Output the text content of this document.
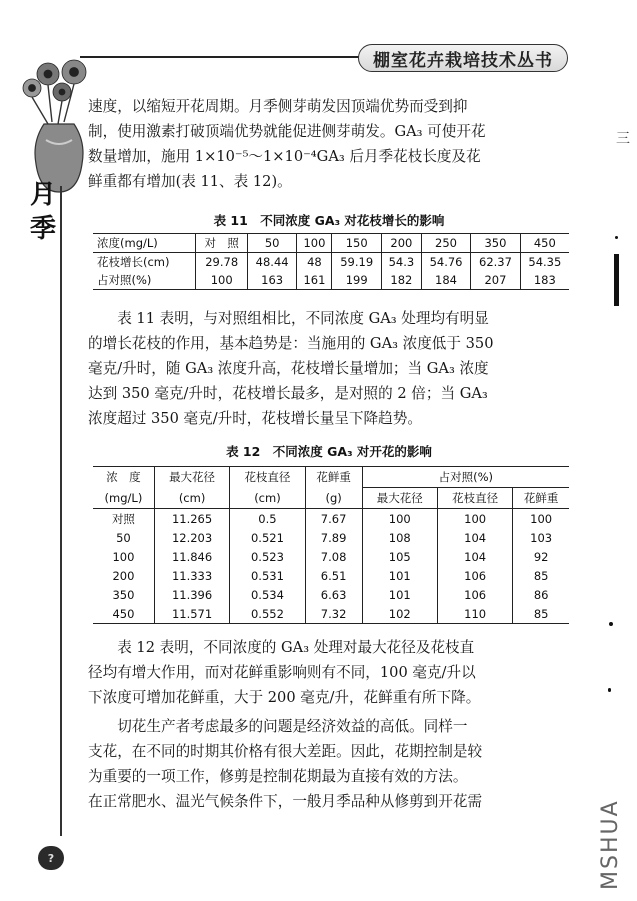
棚室花卉栽培技术丛书
月季

速度，以缩短开花周期。月季侧芽萌发因顶端优势而受到抑

制，使用激素打破顶端优势就能促进侧芽萌发。GA₃ 可使开花

数量增加，施用 1×10⁻⁵～1×10⁻⁴GA₃ 后月季花枝长度及花

鲜重都有增加(表 11、表 12)。

表 11　不同浓度 GA₃ 对花枝增长的影响
浓度(mg/L)	对　照	50	100	150	200	250	350	450
花枝增长(cm)	29.78	48.44	48	59.19	54.3	54.76	62.37	54.35
占对照(%)	100	163	161	199	182	184	207	183

表 11 表明，与对照组相比，不同浓度 GA₃ 处理均有明显

的增长花枝的作用，基本趋势是：当施用的 GA₃ 浓度低于 350

毫克/升时，随 GA₃ 浓度升高，花枝增长量增加；当 GA₃ 浓度

达到 350 毫克/升时，花枝增长最多，是对照的 2 倍；当 GA₃

浓度超过 350 毫克/升时，花枝增长量呈下降趋势。

表 12　不同浓度 GA₃ 对开花的影响
浓　度	最大花径	花枝直径	花鲜重	占对照(%)		
(mg/L)	(cm)	(cm)	(g)	最大花径	花枝直径	花鲜重
对照	11.265	0.5	7.67	100	100	100
50	12.203	0.521	7.89	108	104	103
100	11.846	0.523	7.08	105	104	92
200	11.333	0.531	6.51	101	106	85
350	11.396	0.534	6.63	101	106	86
450	11.571	0.552	7.32	102	110	85

表 12 表明，不同浓度的 GA₃ 处理对最大花径及花枝直

径均有增大作用，而对花鲜重影响则有不同，100 毫克/升以

下浓度可增加花鲜重，大于 200 毫克/升，花鲜重有所下降。

切花生产者考虑最多的问题是经济效益的高低。同样一

支花，在不同的时期其价格有很大差距。因此，花期控制是较

为重要的一项工作，修剪是控制花期最为直接有效的方法。

在正常肥水、温光气候条件下，一般月季品种从修剪到开花需

?
三
MSHUA
